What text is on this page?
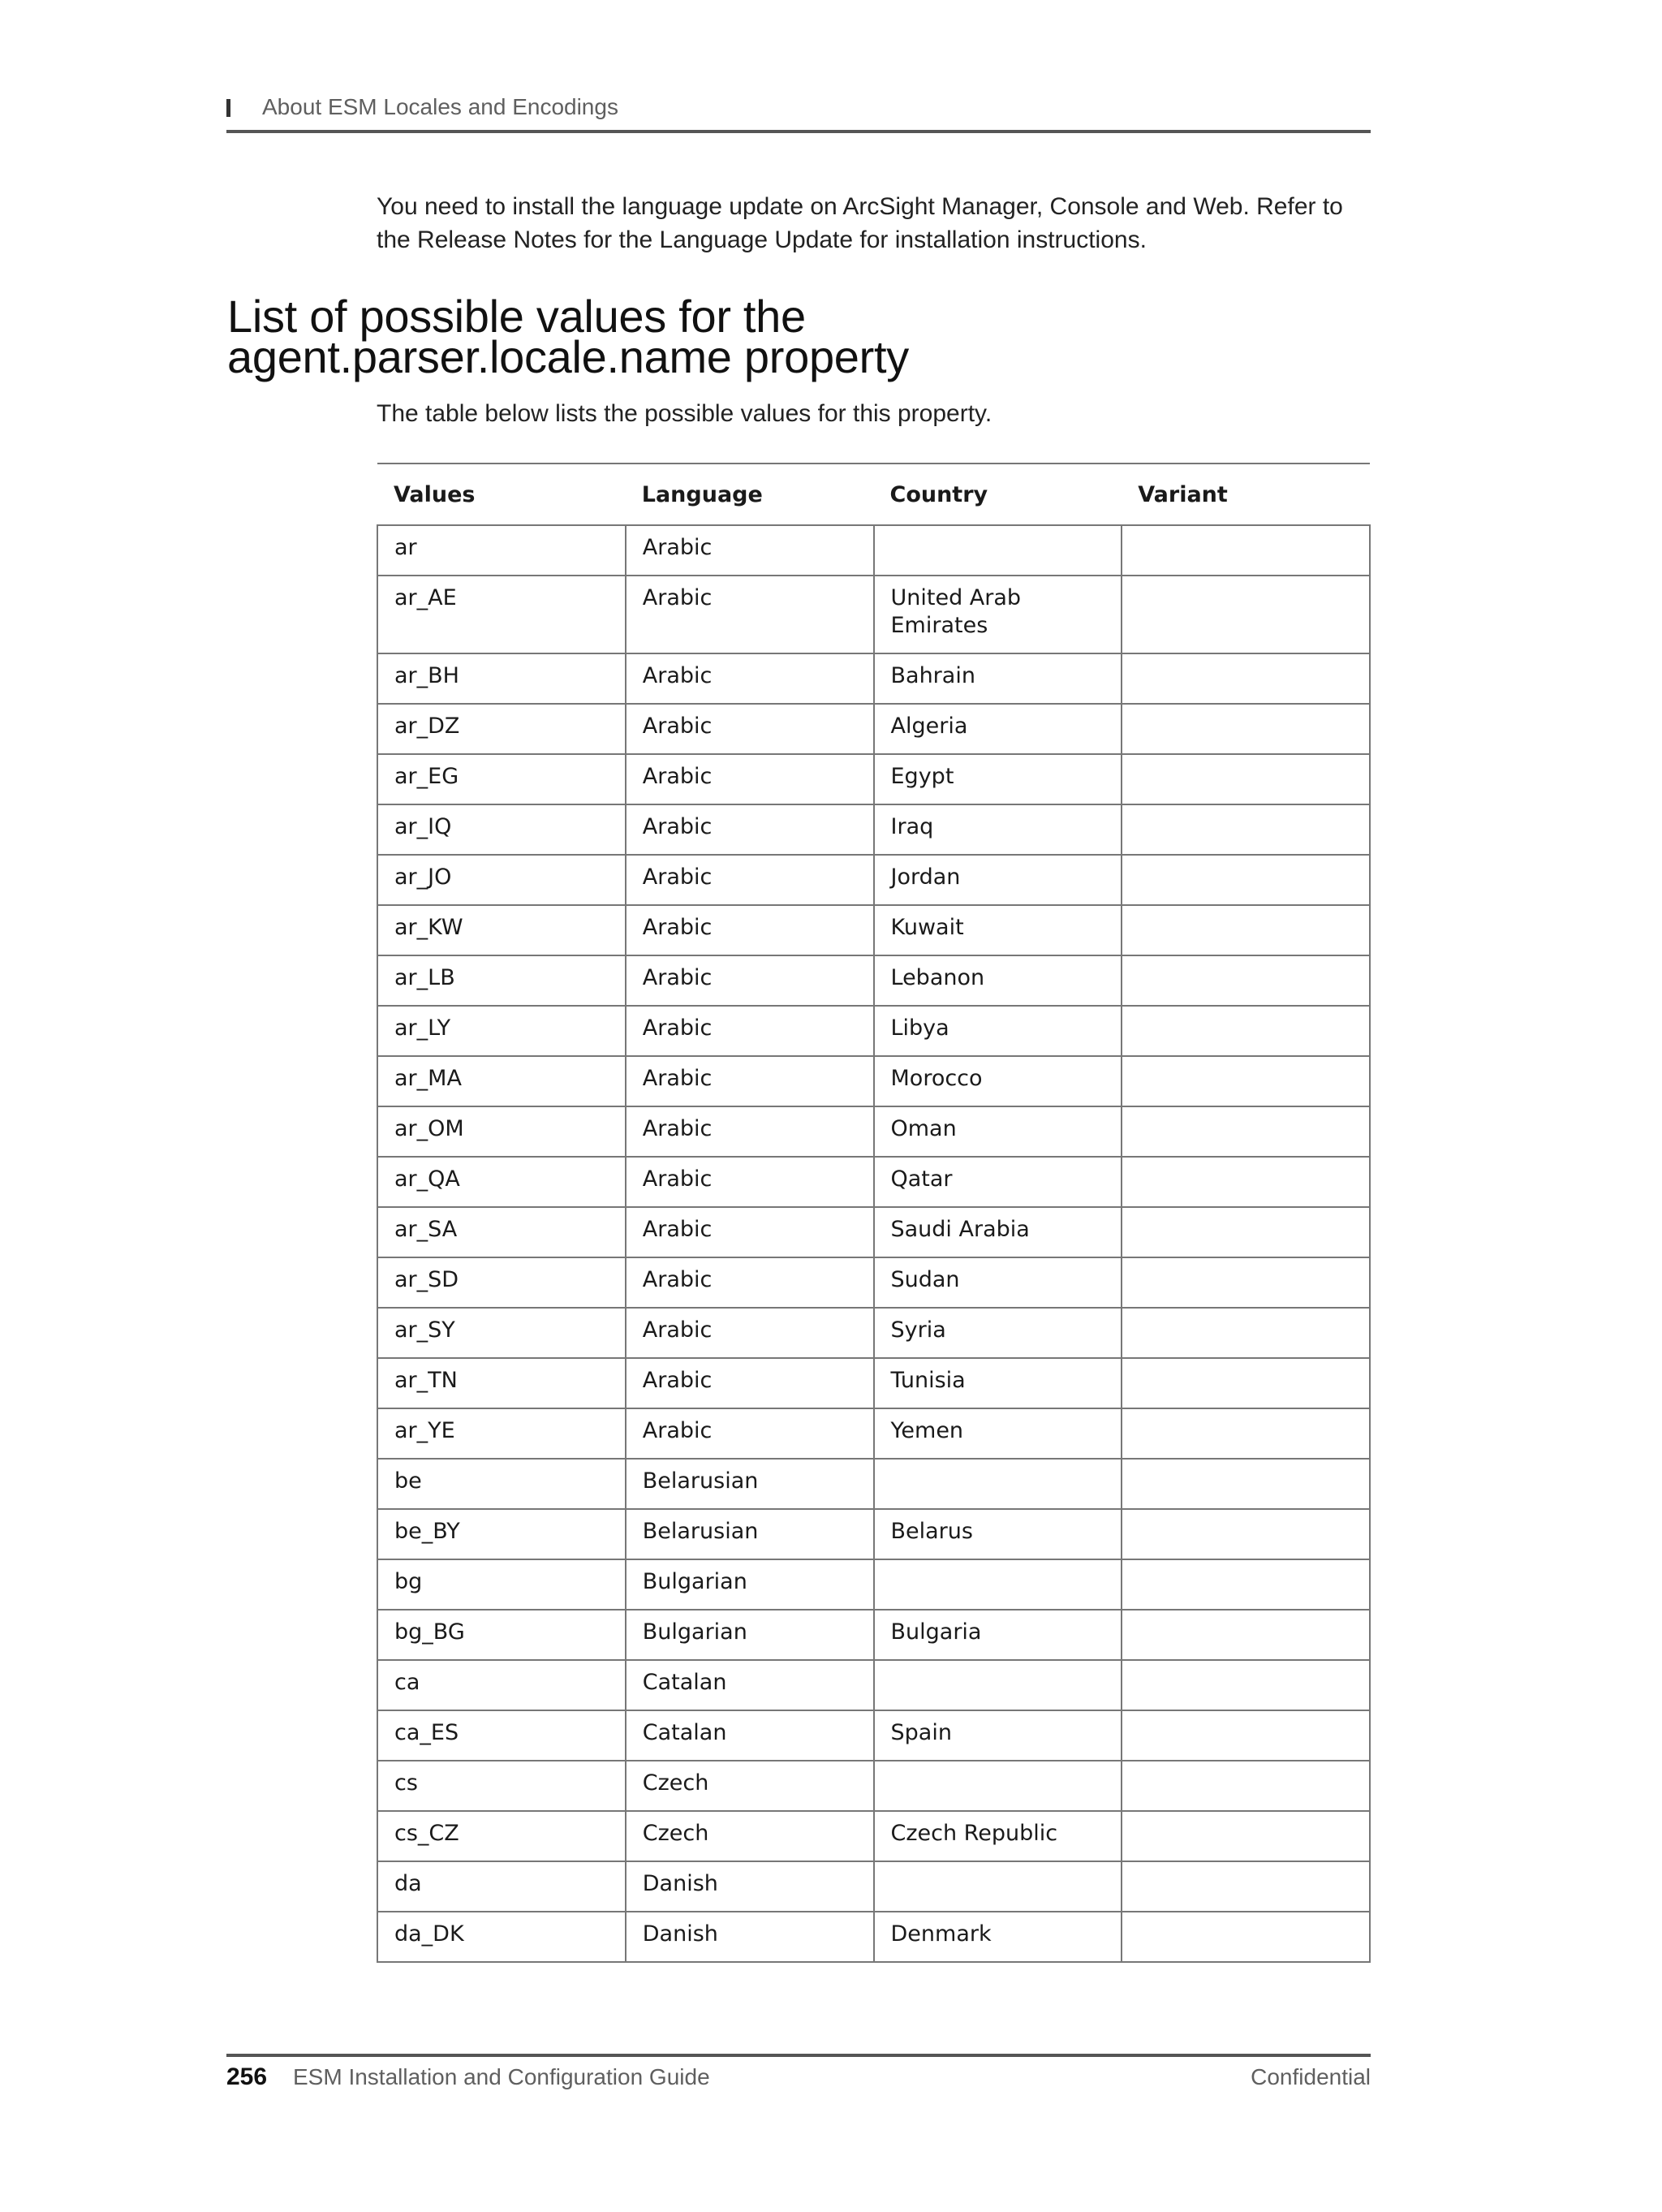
About ESM Locales and Encodings

You need to install the language update on ArcSight Manager, Console and Web. Refer to the Release Notes for the Language Update for installation instructions.

List of possible values for the
agent.parser.locale.name property

The table below lists the possible values for this property.

Values	Language	Country	Variant
ar	Arabic		
ar_AE	Arabic	United Arab Emirates	
ar_BH	Arabic	Bahrain	
ar_DZ	Arabic	Algeria	
ar_EG	Arabic	Egypt	
ar_IQ	Arabic	Iraq	
ar_JO	Arabic	Jordan	
ar_KW	Arabic	Kuwait	
ar_LB	Arabic	Lebanon	
ar_LY	Arabic	Libya	
ar_MA	Arabic	Morocco	
ar_OM	Arabic	Oman	
ar_QA	Arabic	Qatar	
ar_SA	Arabic	Saudi Arabia	
ar_SD	Arabic	Sudan	
ar_SY	Arabic	Syria	
ar_TN	Arabic	Tunisia	
ar_YE	Arabic	Yemen	
be	Belarusian		
be_BY	Belarusian	Belarus	
bg	Bulgarian		
bg_BG	Bulgarian	Bulgaria	
ca	Catalan		
ca_ES	Catalan	Spain	
cs	Czech		
cs_CZ	Czech	Czech Republic	
da	Danish		
da_DK	Danish	Denmark	
256 ESM Installation and Configuration Guide	Confidential
